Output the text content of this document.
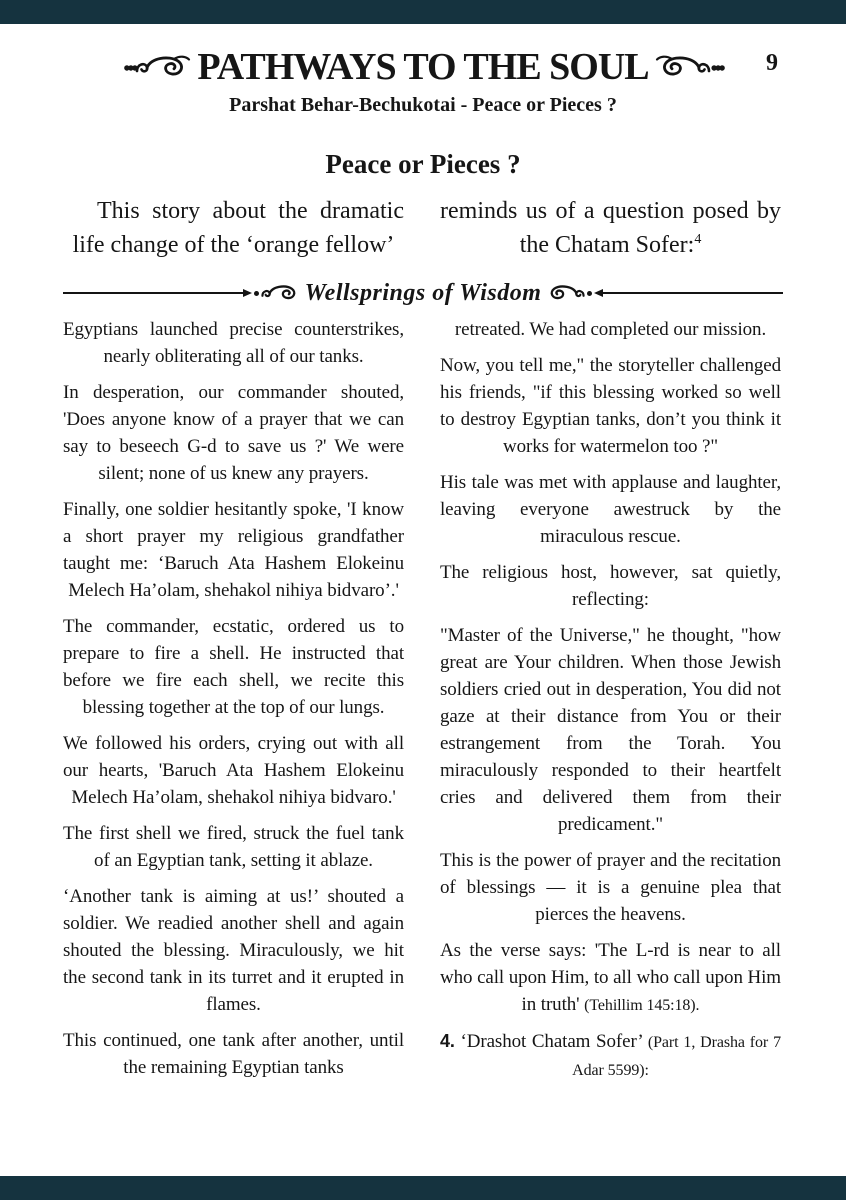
•••
PATHWAYS TO THE SOUL •••	9
Parshat Behar-Bechukotai - Peace or Pieces ?
Peace or Pieces ?

This story about the dramatic life change of the ‘orange fellow’

reminds us of a question posed by the Chatam Sofer:$^4$

Wellsprings of Wisdom

Egyptians launched precise counterstrikes, nearly obliterating all of our tanks.

In desperation, our commander shouted, 'Does anyone know of a prayer that we can say to beseech G-d to save us ?' We were silent; none of us knew any prayers.

Finally, one soldier hesitantly spoke, 'I know a short prayer my religious grandfather taught me: ‘Baruch Ata Hashem Elokeinu Melech Ha’olam, shehakol nihiya bidvaro’.'

The commander, ecstatic, ordered us to prepare to fire a shell. He instructed that before we fire each shell, we recite this blessing together at the top of our lungs.

We followed his orders, crying out with all our hearts, 'Baruch Ata Hashem Elokeinu Melech Ha’olam, shehakol nihiya bidvaro.'

The first shell we fired, struck the fuel tank of an Egyptian tank, setting it ablaze.

‘Another tank is aiming at us!’ shouted a soldier. We readied another shell and again shouted the blessing. Miraculously, we hit the second tank in its turret and it erupted in flames.

This continued, one tank after another, until the remaining Egyptian tanks

retreated. We had completed our mission.

Now, you tell me," the storyteller challenged his friends, "if this blessing worked so well to destroy Egyptian tanks, don’t you think it works for watermelon too ?"

His tale was met with applause and laughter, leaving everyone awestruck by the miraculous rescue.

The religious host, however, sat quietly, reflecting:

"Master of the Universe," he thought, "how great are Your children. When those Jewish soldiers cried out in desperation, You did not gaze at their distance from You or their estrangement from the Torah. You miraculously responded to their heartfelt cries and delivered them from their predicament."

This is the power of prayer and the recitation of blessings — it is a genuine plea that pierces the heavens.

As the verse says: 'The L-rd is near to all who call upon Him, to all who call upon Him in truth' (Tehillim 145:18).

4. ‘Drashot Chatam Sofer’ (Part 1, Drasha for 7 Adar 5599):
